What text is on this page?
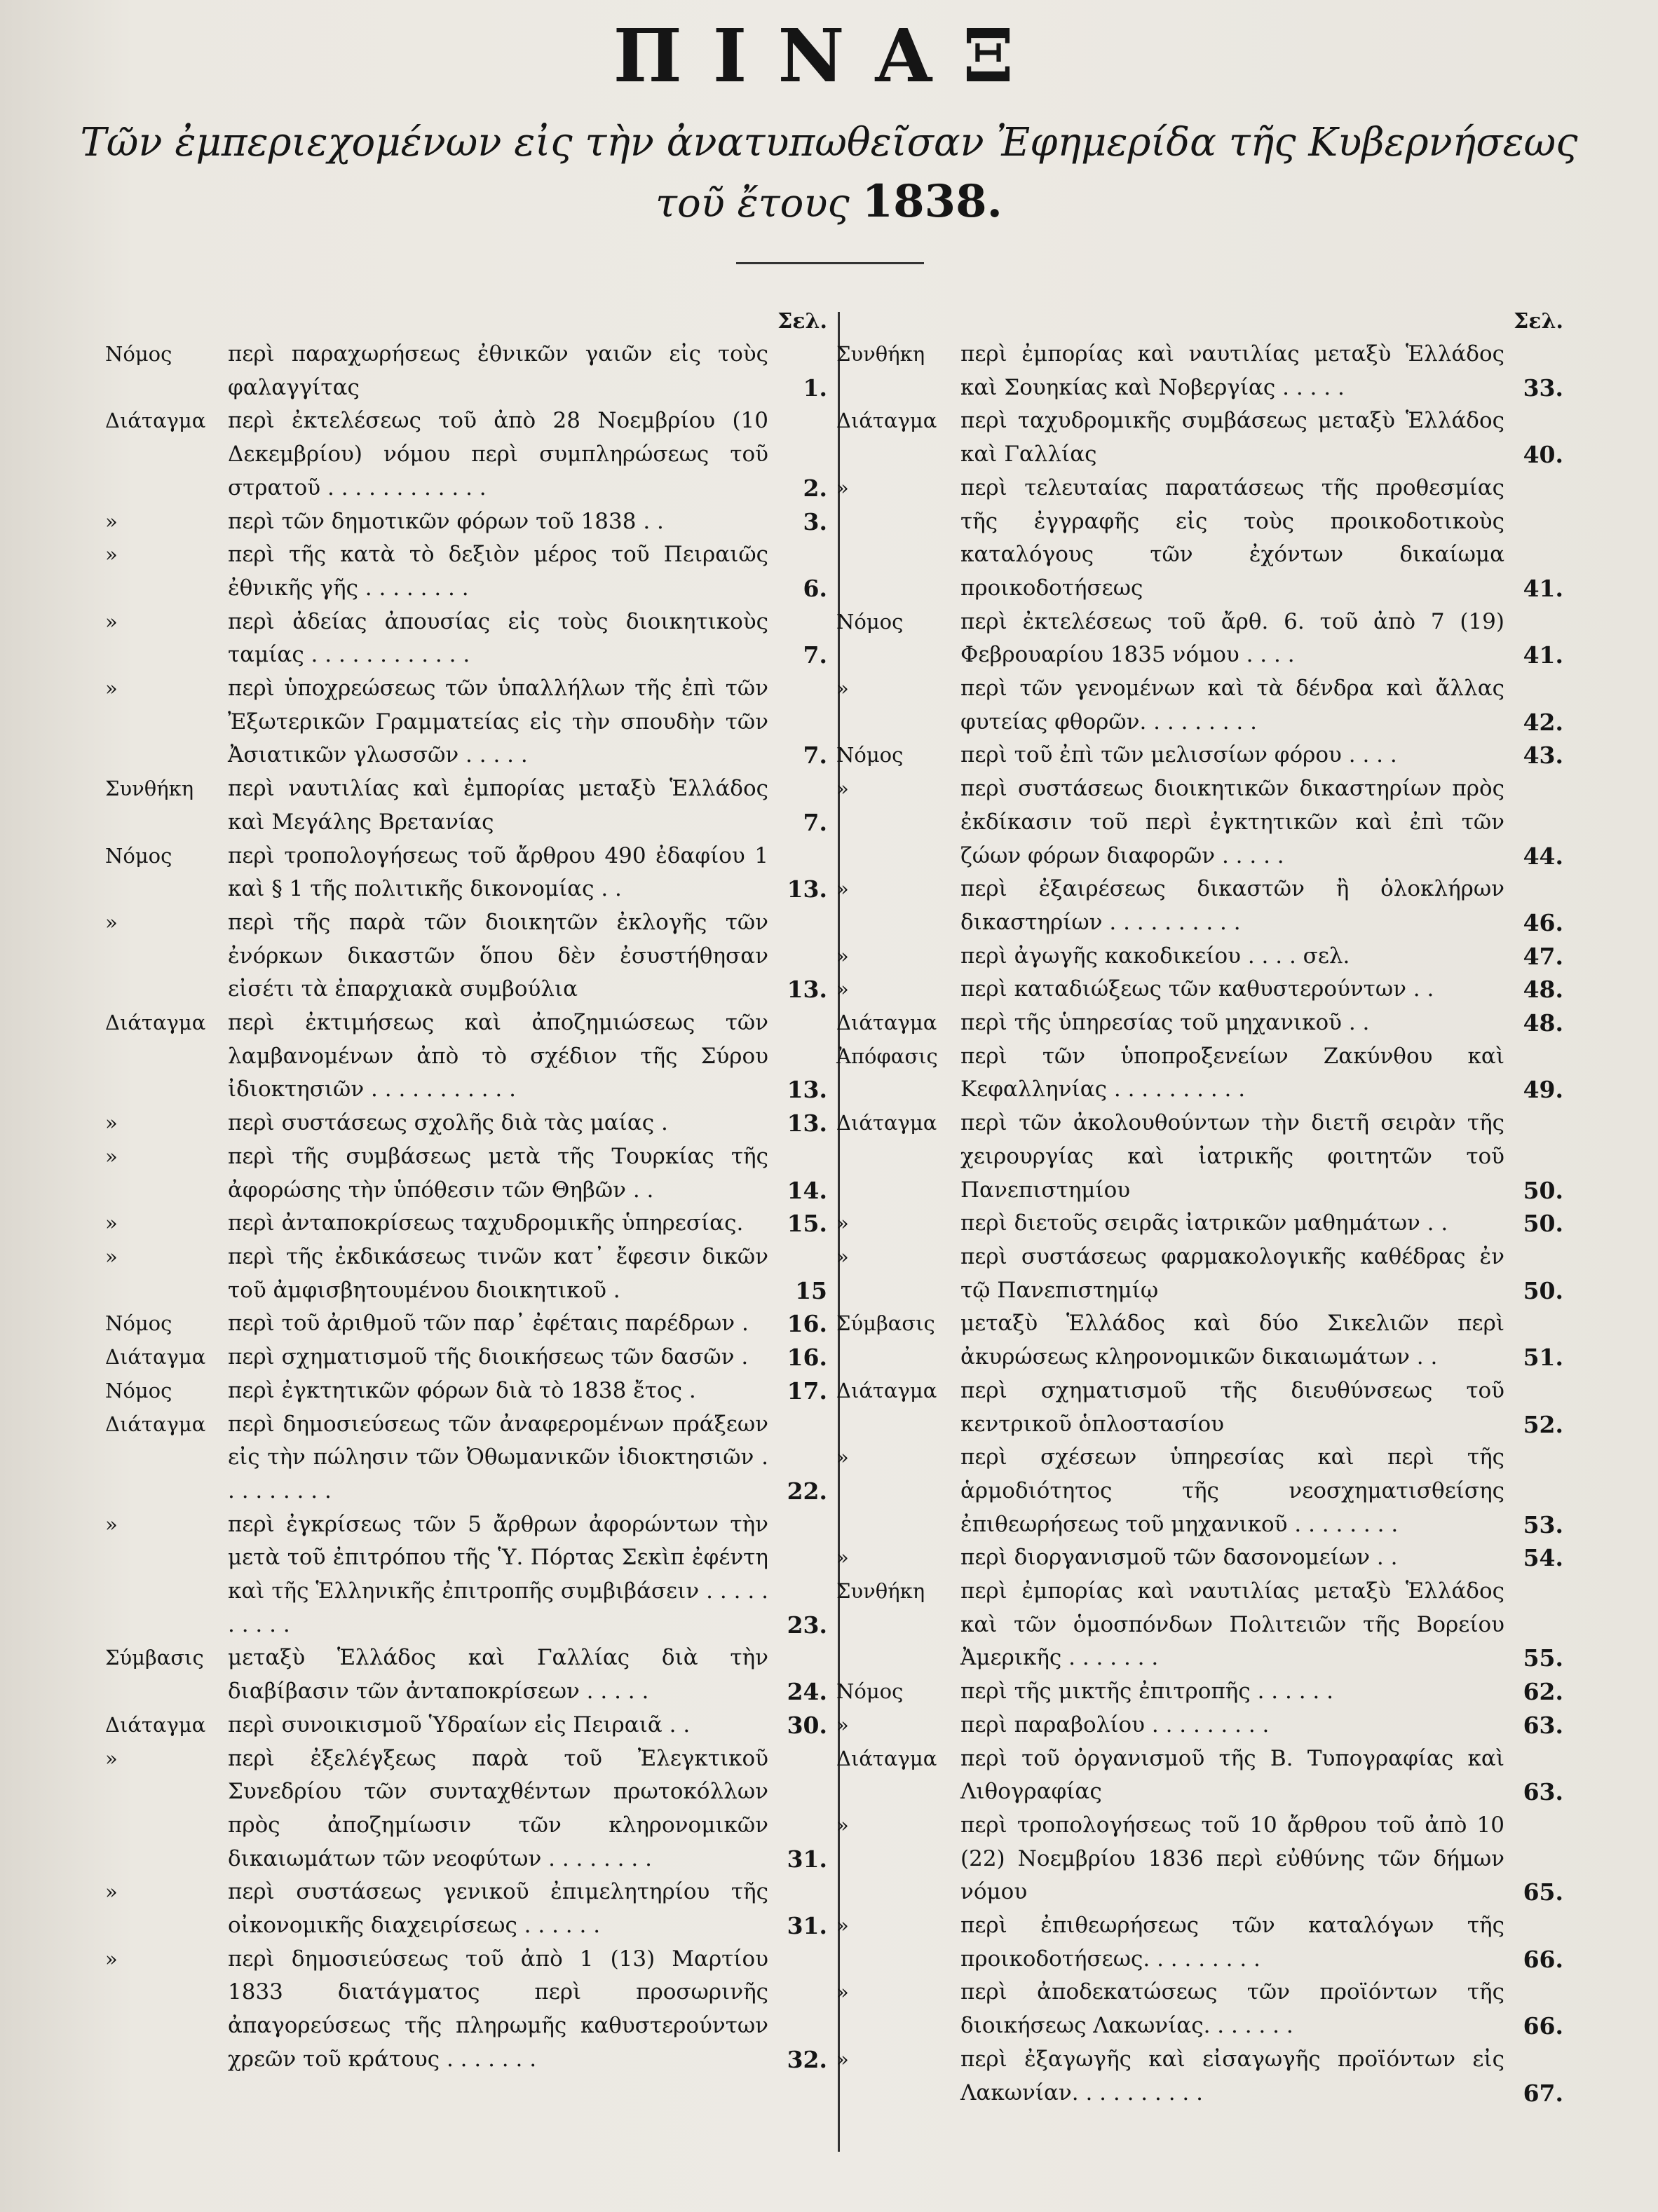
ΠΙΝΑΞ
Τῶν ἐμπεριεχομένων εἰς τὴν ἀνατυπωθεῖσαν Ἐφημερίδα τῆς Κυβερνήσεως
τοῦ ἔτους 1838.
Σελ.
Νόμος	περὶ παραχωρήσεως ἐθνικῶν γαιῶν εἰς τοὺς φαλαγγίτας	1.
Διάταγμα	περὶ ἐκτελέσεως τοῦ ἀπὸ 28 Νοεμβρίου (10 Δεκεμβρίου) νόμου περὶ συμπληρώσεως τοῦ στρατοῦ . . . . . . . . . . . .	2.
»	περὶ τῶν δημοτικῶν φόρων τοῦ 1838 . .	3.
»	περὶ τῆς κατὰ τὸ δεξιὸν μέρος τοῦ Πειραιῶς ἐθνικῆς γῆς . . . . . . . .	6.
»	περὶ ἀδείας ἀπουσίας εἰς τοὺς διοικητικοὺς ταμίας . . . . . . . . . . . .	7.
»	περὶ ὑποχρεώσεως τῶν ὑπαλλήλων τῆς ἐπὶ τῶν Ἐξωτερικῶν Γραμματείας εἰς τὴν σπουδὴν τῶν Ἀσιατικῶν γλωσσῶν . . . . .	7.
Συνθήκη	περὶ ναυτιλίας καὶ ἐμπορίας μεταξὺ Ἑλλάδος καὶ Μεγάλης Βρετανίας	7.
Νόμος	περὶ τροπολογήσεως τοῦ ἄρθρου 490 ἐδαφίου 1 καὶ § 1 τῆς πολιτικῆς δικονομίας . .	13.
»	περὶ τῆς παρὰ τῶν διοικητῶν ἐκλογῆς τῶν ἐνόρκων δικαστῶν ὅπου δὲν ἐσυστήθησαν εἰσέτι τὰ ἐπαρχιακὰ συμβούλια	13.
Διάταγμα	περὶ ἐκτιμήσεως καὶ ἀποζημιώσεως τῶν λαμβανομένων ἀπὸ τὸ σχέδιον τῆς Σύρου ἰδιοκτησιῶν . . . . . . . . . . .	13.
»	περὶ συστάσεως σχολῆς διὰ τὰς μαίας .	13.
»	περὶ τῆς συμβάσεως μετὰ τῆς Τουρκίας τῆς ἀφορώσης τὴν ὑπόθεσιν τῶν Θηβῶν . .	14.
»	περὶ ἀνταποκρίσεως ταχυδρομικῆς ὑπηρεσίας.	15.
»	περὶ τῆς ἐκδικάσεως τινῶν κατ᾽ ἔφεσιν δικῶν τοῦ ἀμφισβητουμένου διοικητικοῦ .	15
Νόμος	περὶ τοῦ ἀριθμοῦ τῶν παρ᾽ ἐφέταις παρέδρων .	16.
Διάταγμα	περὶ σχηματισμοῦ τῆς διοικήσεως τῶν δασῶν .	16.
Νόμος	περὶ ἐγκτητικῶν φόρων διὰ τὸ 1838 ἔτος .	17.
Διάταγμα	περὶ δημοσιεύσεως τῶν ἀναφερομένων πράξεων εἰς τὴν πώλησιν τῶν Ὀθωμανικῶν ἰδιοκτησιῶν . . . . . . . . .	22.
»	περὶ ἐγκρίσεως τῶν 5 ἄρθρων ἀφορώντων τὴν μετὰ τοῦ ἐπιτρόπου τῆς Ὑ. Πόρτας Σεκὶπ ἐφέντη καὶ τῆς Ἑλληνικῆς ἐπιτροπῆς συμβιβάσειν . . . . . . . . . .	23.
Σύμβασις	μεταξὺ Ἑλλάδος καὶ Γαλλίας διὰ τὴν διαβίβασιν τῶν ἀνταποκρίσεων . . . . .	24.
Διάταγμα	περὶ συνοικισμοῦ Ὑδραίων εἰς Πειραιᾶ . .	30.
»	περὶ ἐξελέγξεως παρὰ τοῦ Ἐλεγκτικοῦ Συνεδρίου τῶν συνταχθέντων πρωτοκόλλων πρὸς ἀποζημίωσιν τῶν κληρονομικῶν δικαιωμάτων τῶν νεοφύτων . . . . . . . .	31.
»	περὶ συστάσεως γενικοῦ ἐπιμελητηρίου τῆς οἰκονομικῆς διαχειρίσεως . . . . . .	31.
»	περὶ δημοσιεύσεως τοῦ ἀπὸ 1 (13) Μαρτίου 1833 διατάγματος περὶ προσωρινῆς ἀπαγορεύσεως τῆς πληρωμῆς καθυστερούντων χρεῶν τοῦ κράτους . . . . . . .	32.
Σελ.
Συνθήκη	περὶ ἐμπορίας καὶ ναυτιλίας μεταξὺ Ἑλλάδος καὶ Σουηκίας καὶ Νοβεργίας . . . . .	33.
Διάταγμα	περὶ ταχυδρομικῆς συμβάσεως μεταξὺ Ἑλλάδος καὶ Γαλλίας	40.
»	περὶ τελευταίας παρατάσεως τῆς προθεσμίας τῆς ἐγγραφῆς εἰς τοὺς προικοδοτικοὺς καταλόγους τῶν ἐχόντων δικαίωμα προικοδοτήσεως	41.
Νόμος	περὶ ἐκτελέσεως τοῦ ἄρθ. 6. τοῦ ἀπὸ 7 (19) Φεβρουαρίου 1835 νόμου . . . .	41.
»	περὶ τῶν γενομένων καὶ τὰ δένδρα καὶ ἄλλας φυτείας φθορῶν. . . . . . . . .	42.
Νόμος	περὶ τοῦ ἐπὶ τῶν μελισσίων φόρου . . . .	43.
»	περὶ συστάσεως διοικητικῶν δικαστηρίων πρὸς ἐκδίκασιν τοῦ περὶ ἐγκτητικῶν καὶ ἐπὶ τῶν ζώων φόρων διαφορῶν . . . . .	44.
»	περὶ ἐξαιρέσεως δικαστῶν ἢ ὁλοκλήρων δικαστηρίων . . . . . . . . . .	46.
»	περὶ ἀγωγῆς κακοδικείου . . . . σελ.	47.
»	περὶ καταδιώξεως τῶν καθυστερούντων . .	48.
Διάταγμα	περὶ τῆς ὑπηρεσίας τοῦ μηχανικοῦ . .	48.
Ἀπόφασις	περὶ τῶν ὑποπροξενείων Ζακύνθου καὶ Κεφαλληνίας . . . . . . . . . .	49.
Διάταγμα	περὶ τῶν ἀκολουθούντων τὴν διετῆ σειρὰν τῆς χειρουργίας καὶ ἰατρικῆς φοιτητῶν τοῦ Πανεπιστημίου	50.
»	περὶ διετοῦς σειρᾶς ἰατρικῶν μαθημάτων . .	50.
»	περὶ συστάσεως φαρμακολογικῆς καθέδρας ἐν τῷ Πανεπιστημίῳ	50.
Σύμβασις	μεταξὺ Ἑλλάδος καὶ δύο Σικελιῶν περὶ ἀκυρώσεως κληρονομικῶν δικαιωμάτων . .	51.
Διάταγμα	περὶ σχηματισμοῦ τῆς διευθύνσεως τοῦ κεντρικοῦ ὁπλοστασίου	52.
»	περὶ σχέσεων ὑπηρεσίας καὶ περὶ τῆς ἁρμοδιότητος τῆς νεοσχηματισθείσης ἐπιθεωρήσεως τοῦ μηχανικοῦ . . . . . . . .	53.
»	περὶ διοργανισμοῦ τῶν δασονομείων . .	54.
Συνθήκη	περὶ ἐμπορίας καὶ ναυτιλίας μεταξὺ Ἑλλάδος καὶ τῶν ὁμοσπόνδων Πολιτειῶν τῆς Βορείου Ἀμερικῆς . . . . . . .	55.
Νόμος	περὶ τῆς μικτῆς ἐπιτροπῆς . . . . . .	62.
»	περὶ παραβολίου . . . . . . . . .	63.
Διάταγμα	περὶ τοῦ ὀργανισμοῦ τῆς Β. Τυπογραφίας καὶ Λιθογραφίας	63.
»	περὶ τροπολογήσεως τοῦ 10 ἄρθρου τοῦ ἀπὸ 10 (22) Νοεμβρίου 1836 περὶ εὐθύνης τῶν δήμων νόμου	65.
»	περὶ ἐπιθεωρήσεως τῶν καταλόγων τῆς προικοδοτήσεως. . . . . . . . .	66.
»	περὶ ἀποδεκατώσεως τῶν προϊόντων τῆς διοικήσεως Λακωνίας. . . . . . .	66.
»	περὶ ἐξαγωγῆς καὶ εἰσαγωγῆς προϊόντων εἰς Λακωνίαν. . . . . . . . . .	67.
